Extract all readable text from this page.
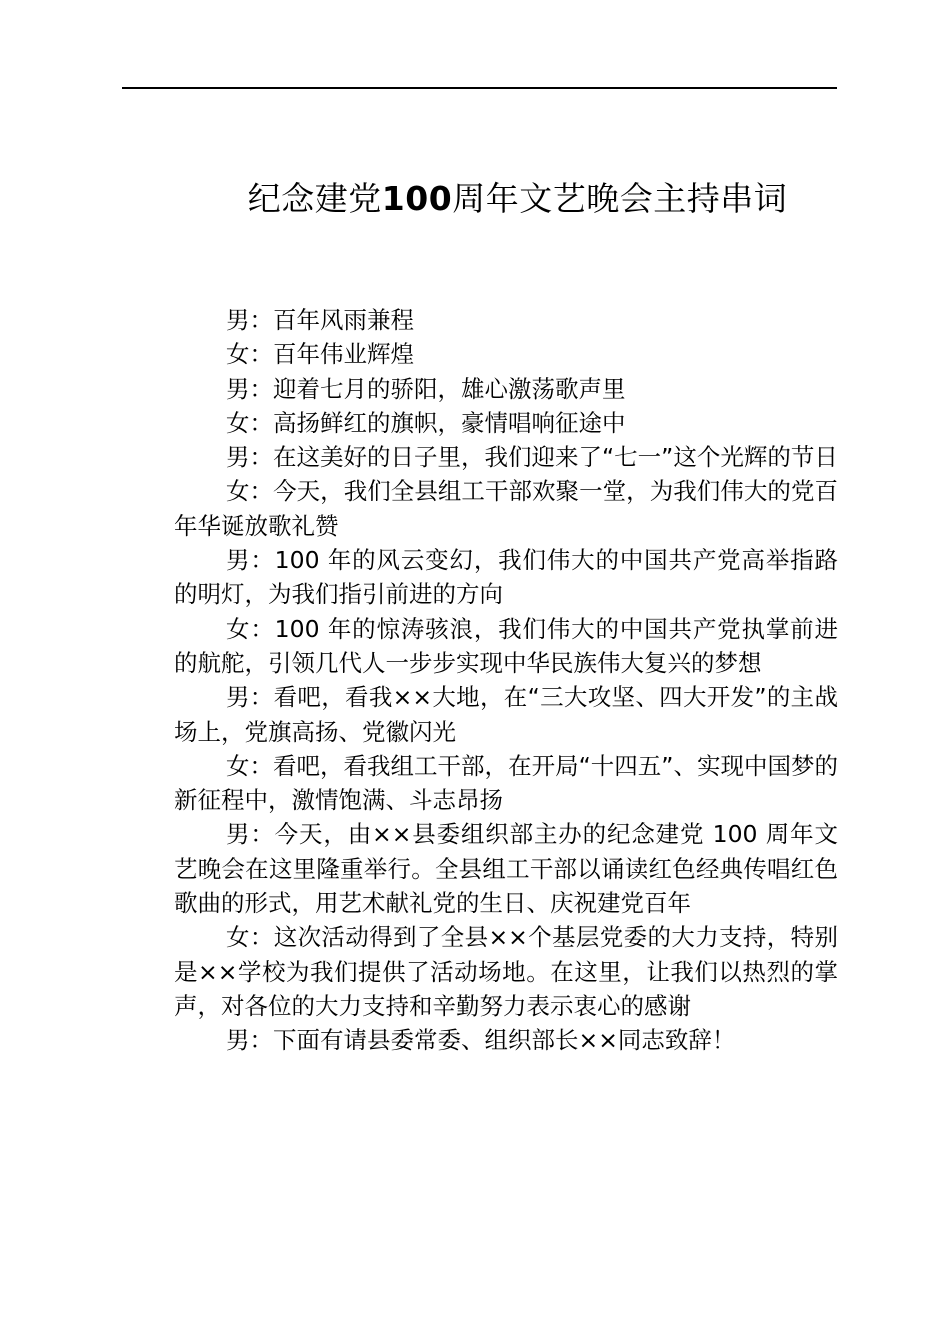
纪念建党100周年文艺晚会主持串词

男：百年风雨兼程

女：百年伟业辉煌

男：迎着七月的骄阳，雄心激荡歌声里

女：高扬鲜红的旗帜，豪情唱响征途中

男：在这美好的日子里，我们迎来了“七一”这个光辉的节日

女：今天，我们全县组工干部欢聚一堂，为我们伟大的党百年华诞放歌礼赞

男：100 年的风云变幻，我们伟大的中国共产党高举指路的明灯，为我们指引前进的方向

女：100 年的惊涛骇浪，我们伟大的中国共产党执掌前进的航舵，引领几代人一步步实现中华民族伟大复兴的梦想

男：看吧，看我××大地，在“三大攻坚、四大开发”的主战场上，党旗高扬、党徽闪光

女：看吧，看我组工干部，在开局“十四五”、实现中国梦的新征程中，激情饱满、斗志昂扬

男：今天，由××县委组织部主办的纪念建党 100 周年文艺晚会在这里隆重举行。全县组工干部以诵读红色经典传唱红色歌曲的形式，用艺术献礼党的生日、庆祝建党百年

女：这次活动得到了全县××个基层党委的大力支持，特别是××学校为我们提供了活动场地。在这里，让我们以热烈的掌声，对各位的大力支持和辛勤努力表示衷心的感谢

男：下面有请县委常委、组织部长××同志致辞！
